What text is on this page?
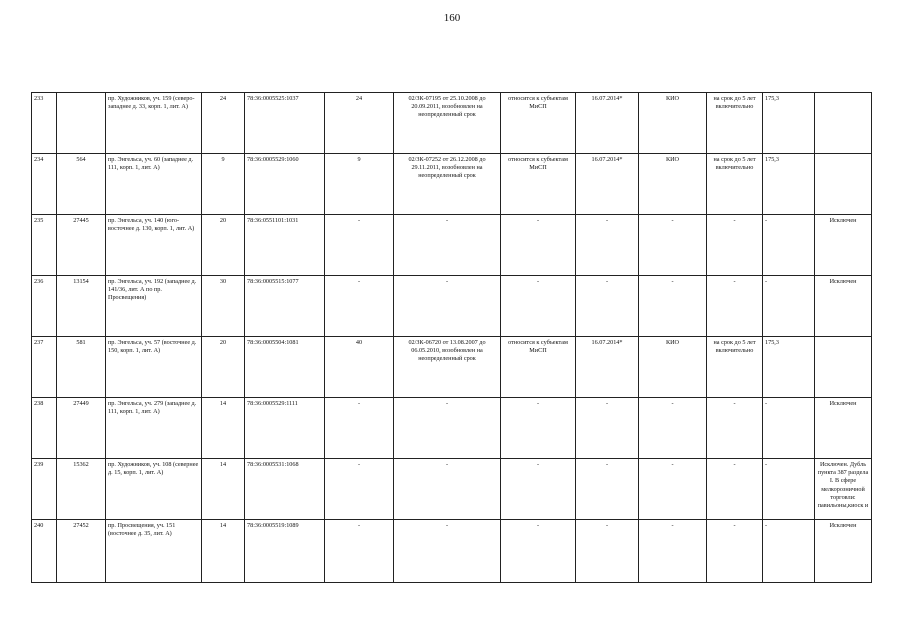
160
233		пр. Художников, уч. 159 (северо-западнее д. 33, корп. 1, лит. А)	24	78:36:0005525:1037	24	02/ЗК-07195 от 25.10.2008 до 20.09.2011, возобновлен на неопределенный срок	относится к субъектам МиСП	16.07.2014*	КИО	на срок до 5 лет включительно	175,3	
234	564	пр. Энгельса, уч. 60 (западнее д. 111, корп. 1, лит. А)	9	78:36:0005529:1060	9	02/ЗК-07252 от 26.12.2008 до 29.11.2011, возобновлен на неопределенный срок	относится к субъектам МиСП	16.07.2014*	КИО	на срок до 5 лет включительно	175,3	
235	27445	пр. Энгельса, уч. 140 (юго-восточнее д. 130, корп. 1, лит. А)	20	78:36:0551101:1031	-	-	-	-	-	-	-	Исключен
236	13154	пр. Энгельса, уч. 192 (западнее д. 141/36, лит. А по пр. Просвещения)	30	78:36:0005515:1077	-	-	-	-	-	-	-	Исключен
237	581	пр. Энгельса, уч. 57 (восточнее д. 150, корп. 1, лит. А)	20	78:36:0005504:1081	40	02/ЗК-06720 от 13.08.2007 до 06.05.2010, возобновлен на неопределенный срок	относится к субъектам МиСП	16.07.2014*	КИО	на срок до 5 лет включительно	175,3	
238	27449	пр. Энгельса, уч. 279 (западнее д. 111, корп. 1, лит. А)	14	78:36:0005529:1111	-	-	-	-	-	-	-	Исключен
239	15362	пр. Художников, уч. 108 (севернее д. 15, корп. 1, лит. А)	14	78:36:0005531:1068	-	-	-	-	-	-	-	Исключен. Дубль пункта 387 раздела I. В сфере мелкорозничной торговли: павильоны,киоск и
240	27452	пр. Просвещения, уч. 151 (восточнее д. 35, лит. А)	14	78:36:0005519:1089	-	-	-	-	-	-	-	Исключен
